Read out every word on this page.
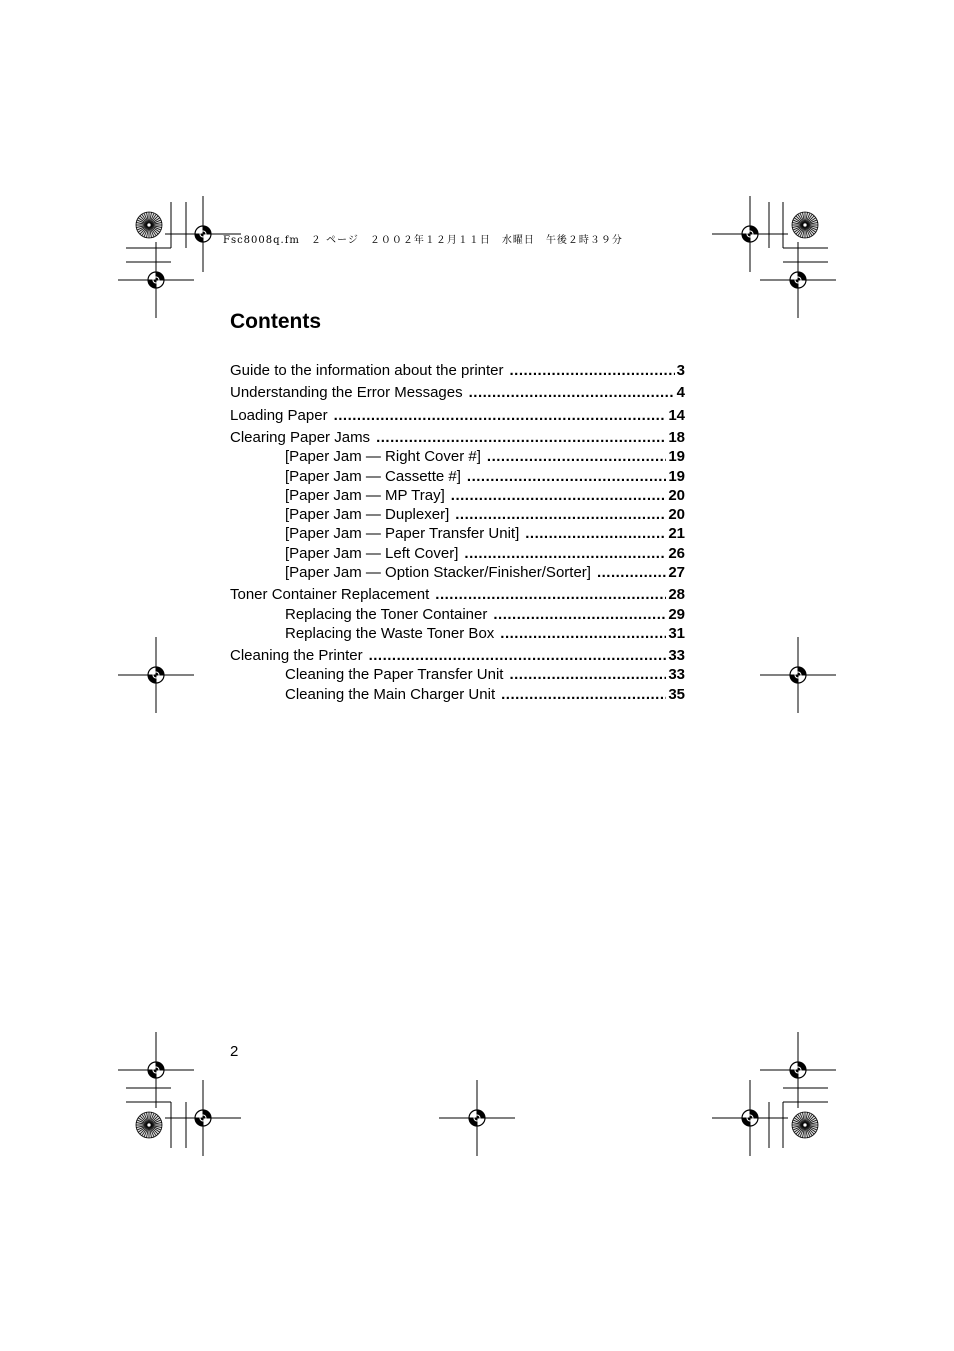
Fsc8008q.fm　２ ページ　２００２年１２月１１日　水曜日　午後２時３９分
Contents
Guide to the information about the printer .....	3
Understanding the Error Messages .....	4
Loading Paper .....	14
Clearing Paper Jams .....	18
[Paper Jam — Right Cover #] .....	19
[Paper Jam — Cassette #] .....	19
[Paper Jam — MP Tray] .....	20
[Paper Jam — Duplexer] .....	20
[Paper Jam — Paper Transfer Unit] .....	21
[Paper Jam — Left Cover] .....	26
[Paper Jam — Option Stacker/Finisher/Sorter] .....	27
Toner Container Replacement .....	28
Replacing the Toner Container .....	29
Replacing the Waste Toner Box .....	31
Cleaning the Printer .....	33
Cleaning the Paper Transfer Unit .....	33
Cleaning the Main Charger Unit .....	35
2
